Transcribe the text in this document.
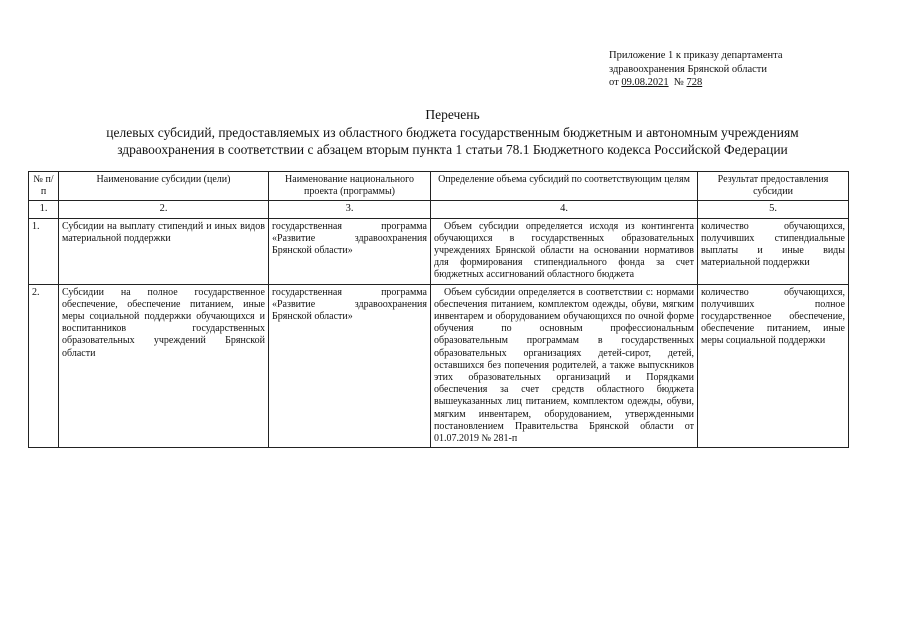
Приложение 1 к приказу департамента
здравоохранения Брянской области
от 09.08.2021 № 728
Перечень
целевых субсидий, предоставляемых из областного бюджета государственным бюджетным и автономным учреждениям
здравоохранения в соответствии с абзацем вторым пункта 1 статьи 78.1 Бюджетного кодекса Российской Федерации
№ п/п	Наименование субсидии (цели)	Наименование национального проекта (программы)	Определение объема субсидий по соответствующим целям	Результат предоставления субсидии
1.	2.	3.	4.	5.
1.	Субсидии на выплату стипендий и иных видов материальной поддержки	государственная программа «Развитие здравоохранения Брянской области»	Объем субсидии определяется исходя из контингента обучающихся в государственных образовательных учреждениях Брянской области на основании нормативов для формирования стипендиального фонда за счет бюджетных ассигнований областного бюджета	количество обучающихся, получивших стипендиальные выплаты и иные виды материальной поддержки
2.	Субсидии на полное государственное обеспечение, обеспечение питанием, иные меры социальной поддержки обучающихся и воспитанников государственных образовательных учреждений Брянской области	государственная программа «Развитие здравоохранения Брянской области»	Объем субсидии определяется в соответствии с: нормами обеспечения питанием, комплектом одежды, обуви, мягким инвентарем и оборудованием обучающихся по очной форме обучения по основным профессиональным образовательным программам в государственных образовательных организациях детей-сирот, детей, оставшихся без попечения родителей, а также выпускников этих образовательных организаций и Порядками обеспечения за счет средств областного бюджета вышеуказанных лиц питанием, комплектом одежды, обуви, мягким инвентарем, оборудованием, утвержденными постановлением Правительства Брянской области от 01.07.2019 № 281-п	количество обучающихся, получивших полное государственное обеспечение, обеспечение питанием, иные меры социальной поддержки
